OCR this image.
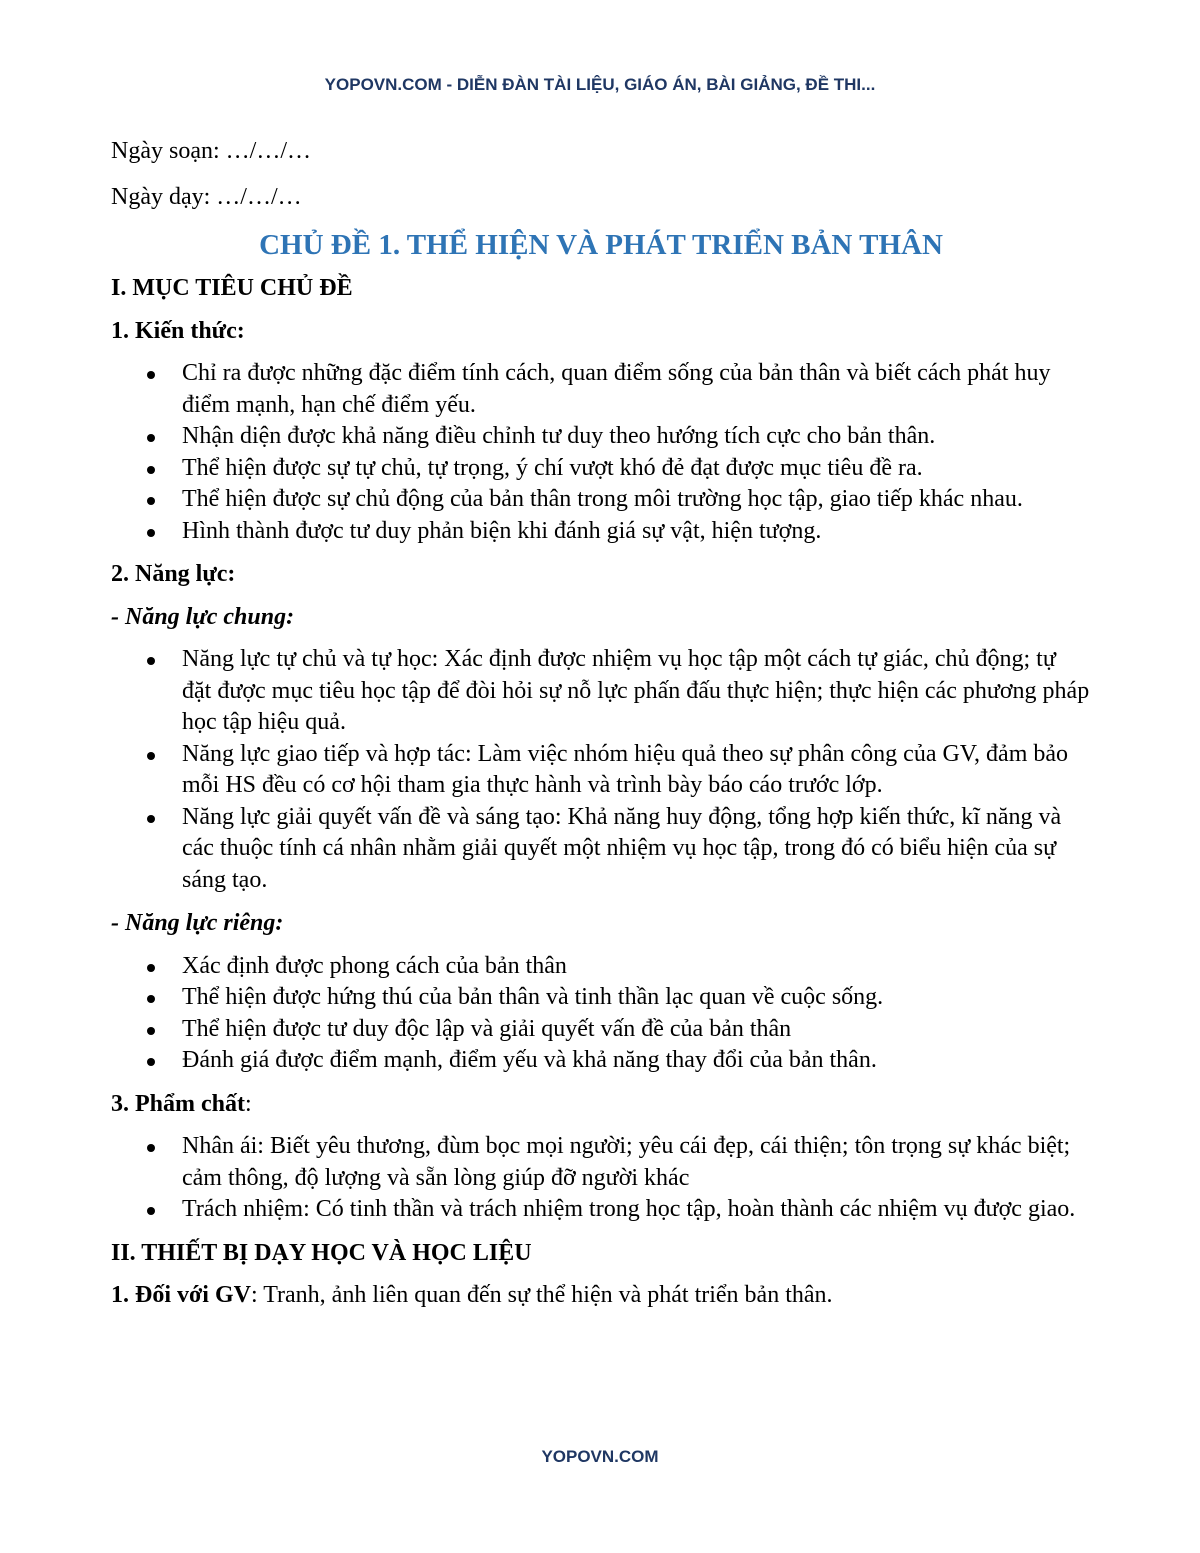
YOPOVN.COM - DIỄN ĐÀN TÀI LIỆU, GIÁO ÁN, BÀI GIẢNG, ĐỀ THI...
Ngày soạn: …/…/…
Ngày dạy: …/…/…
CHỦ ĐỀ 1. THỂ HIỆN VÀ PHÁT TRIỂN BẢN THÂN
I. MỤC TIÊU CHỦ ĐỀ
1. Kiến thức:
Chỉ ra được những đặc điểm tính cách, quan điểm sống của bản thân và biết cách phát huy điểm mạnh, hạn chế điểm yếu.
Nhận diện được khả năng điều chỉnh tư duy theo hướng tích cực cho bản thân.
Thể hiện được sự tự chủ, tự trọng, ý chí vượt khó đẻ đạt được mục tiêu đề ra.
Thể hiện được sự chủ động của bản thân trong môi trường học tập, giao tiếp khác nhau.
Hình thành được tư duy phản biện khi đánh giá sự vật, hiện tượng.
2. Năng lực:
- Năng lực chung:
Năng lực tự chủ và tự học: Xác định được nhiệm vụ học tập một cách tự giác, chủ động; tự đặt được mục tiêu học tập để đòi hỏi sự nỗ lực phấn đấu thực hiện; thực hiện các phương pháp học tập hiệu quả.
Năng lực giao tiếp và hợp tác: Làm việc nhóm hiệu quả theo sự phân công của GV, đảm bảo mỗi HS đều có cơ hội tham gia thực hành và trình bày báo cáo trước lớp.
Năng lực giải quyết vấn đề và sáng tạo: Khả năng huy động, tổng hợp kiến thức, kĩ năng và các thuộc tính cá nhân nhằm giải quyết một nhiệm vụ học tập, trong đó có biểu hiện của sự sáng tạo.
- Năng lực riêng:
Xác định được phong cách của bản thân
Thể hiện được hứng thú của bản thân và tinh thần lạc quan về cuộc sống.
Thể hiện được tư duy độc lập và giải quyết vấn đề của bản thân
Đánh giá được điểm mạnh, điểm yếu và khả năng thay đổi của bản thân.
3. Phẩm chất:
Nhân ái: Biết yêu thương, đùm bọc mọi người; yêu cái đẹp, cái thiện; tôn trọng sự khác biệt; cảm thông, độ lượng và sẵn lòng giúp đỡ người khác
Trách nhiệm: Có tinh thần và trách nhiệm trong học tập, hoàn thành các nhiệm vụ được giao.
II. THIẾT BỊ DẠY HỌC VÀ HỌC LIỆU
1. Đối với GV: Tranh, ảnh liên quan đến sự thể hiện và phát triển bản thân.
YOPOVN.COM
